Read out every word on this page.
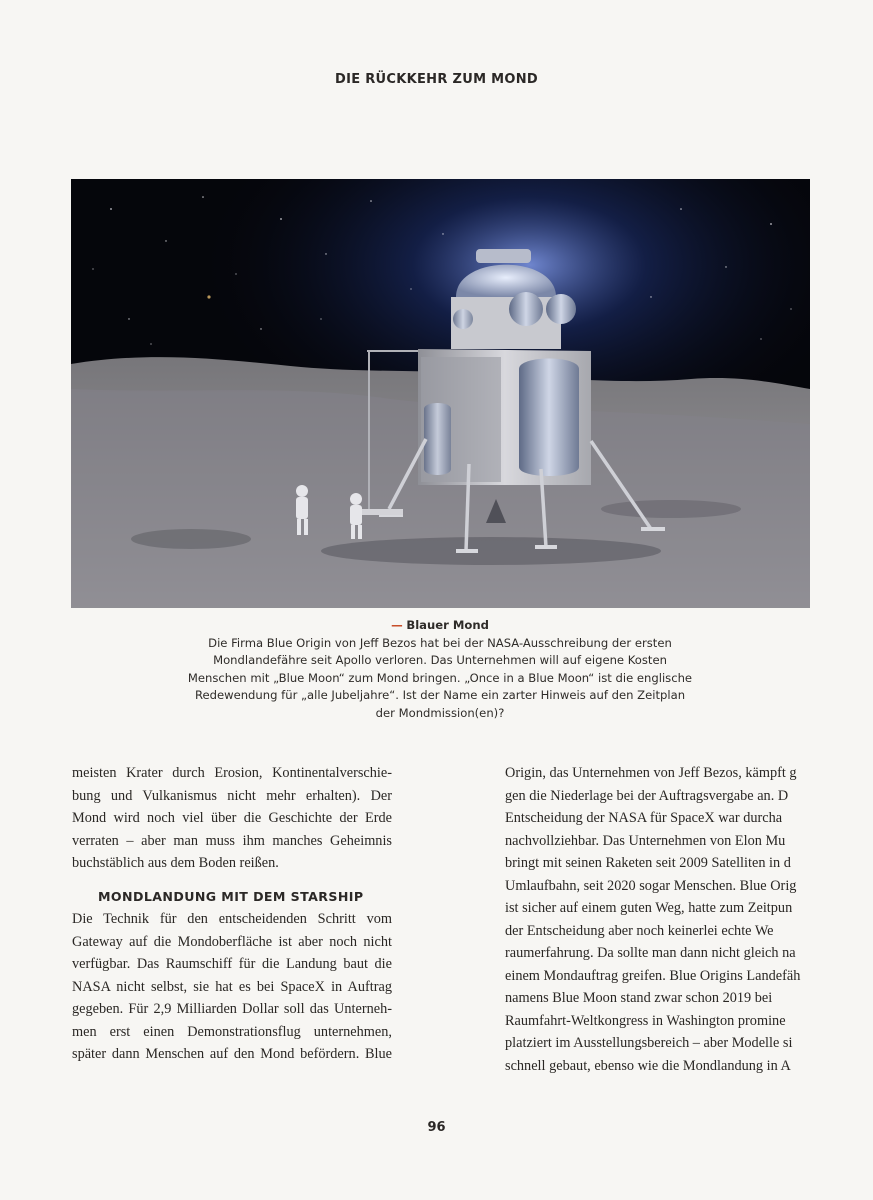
DIE RÜCKKEHR ZUM MOND
— Blauer Mond
Die Firma Blue Origin von Jeff Bezos hat bei der NASA-Ausschreibung der ersten
Mondlandefähre seit Apollo verloren. Das Unternehmen will auf eigene Kosten
Menschen mit „Blue Moon“ zum Mond bringen. „Once in a Blue Moon“ ist die englische
Redewendung für „alle Jubeljahre“. Ist der Name ein zarter Hinweis auf den Zeitplan
der Mondmission(en)?
meisten Krater durch Erosion, Kontinentalverschie-
bung und Vulkanismus nicht mehr erhalten). Der
Mond wird noch viel über die Geschichte der Erde
verraten – aber man muss ihm manches Geheimnis
buchstäblich aus dem Boden reißen.
MONDLANDUNG MIT DEM STARSHIP
Die Technik für den entscheidenden Schritt vom
Gateway auf die Mondoberfläche ist aber noch nicht
verfügbar. Das Raumschiff für die Landung baut die
NASA nicht selbst, sie hat es bei SpaceX in Auftrag
gegeben. Für 2,9 Milliarden Dollar soll das Unterneh-
men erst einen Demonstrationsflug unternehmen,
später dann Menschen auf den Mond befördern. Blue
Origin, das Unternehmen von Jeff Bezos, kämpft g
gen die Niederlage bei der Auftragsvergabe an. D
Entscheidung der NASA für SpaceX war durcha
nachvollziehbar. Das Unternehmen von Elon Mu
bringt mit seinen Raketen seit 2009 Satelliten in d
Umlaufbahn, seit 2020 sogar Menschen. Blue Orig
ist sicher auf einem guten Weg, hatte zum Zeitpun
der Entscheidung aber noch keinerlei echte We
raumerfahrung. Da sollte man dann nicht gleich na
einem Mondauftrag greifen. Blue Origins Landefäh
namens Blue Moon stand zwar schon 2019 bei
Raumfahrt-Weltkongress in Washington promine
platziert im Ausstellungsbereich – aber Modelle si
schnell gebaut, ebenso wie die Mondlandung in A
96
